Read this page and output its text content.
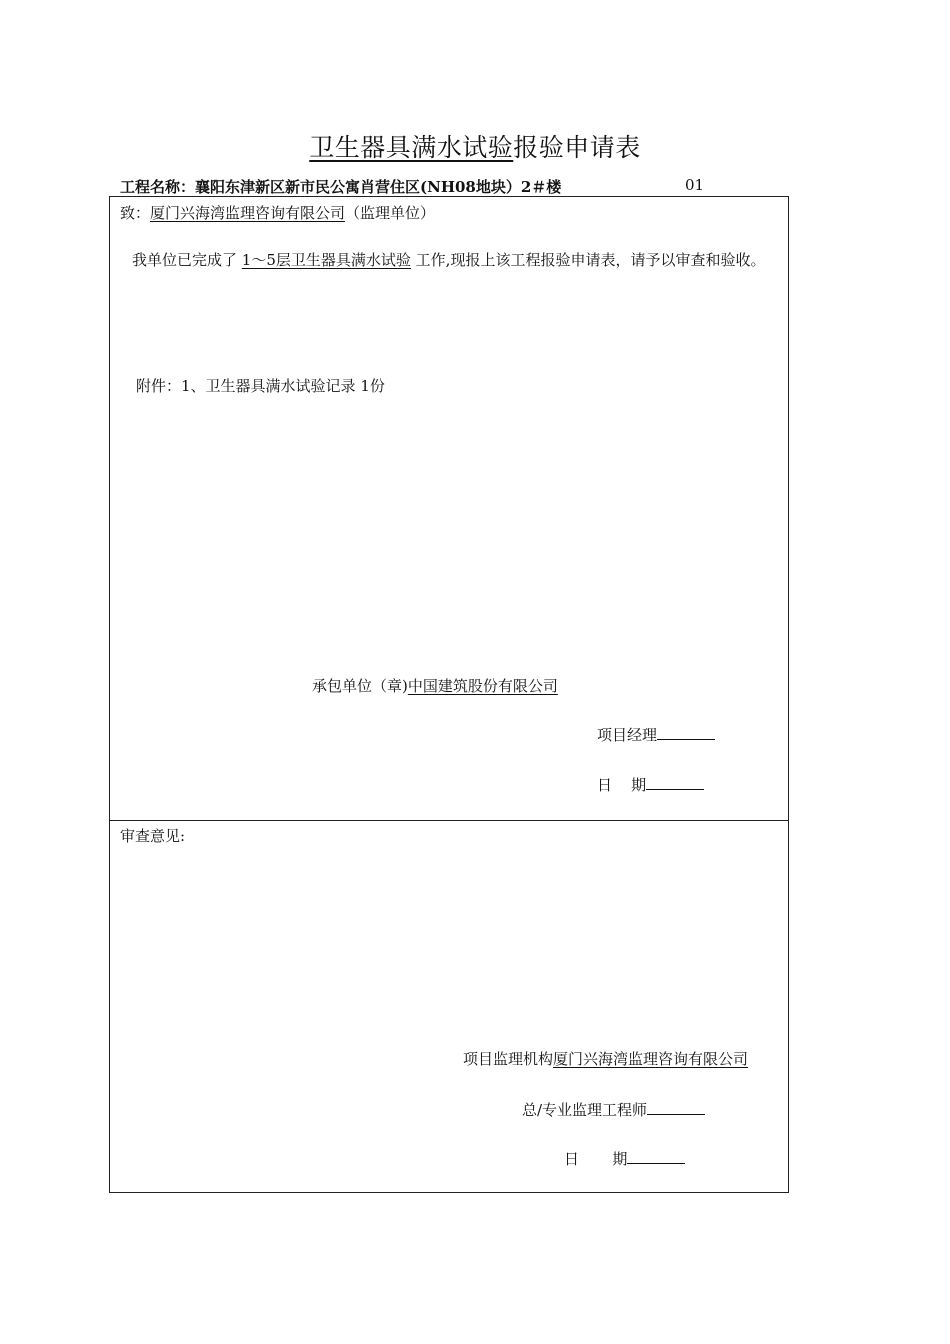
卫生器具满水试验报验申请表
工程名称：襄阳东津新区新市民公寓肖营住区(NH08地块）2＃楼	01
致：厦门兴海湾监理咨询有限公司（监理单位）
我单位已完成了 1～5层卫生器具满水试验 工作,现报上该工程报验申请表，请予以审查和验收。
附件：1、卫生器具满水试验记录 1份
承包单位（章)中国建筑股份有限公司
项目经理
日    期
审查意见:
项目监理机构厦门兴海湾监理咨询有限公司
总/专业监理工程师
日       期
